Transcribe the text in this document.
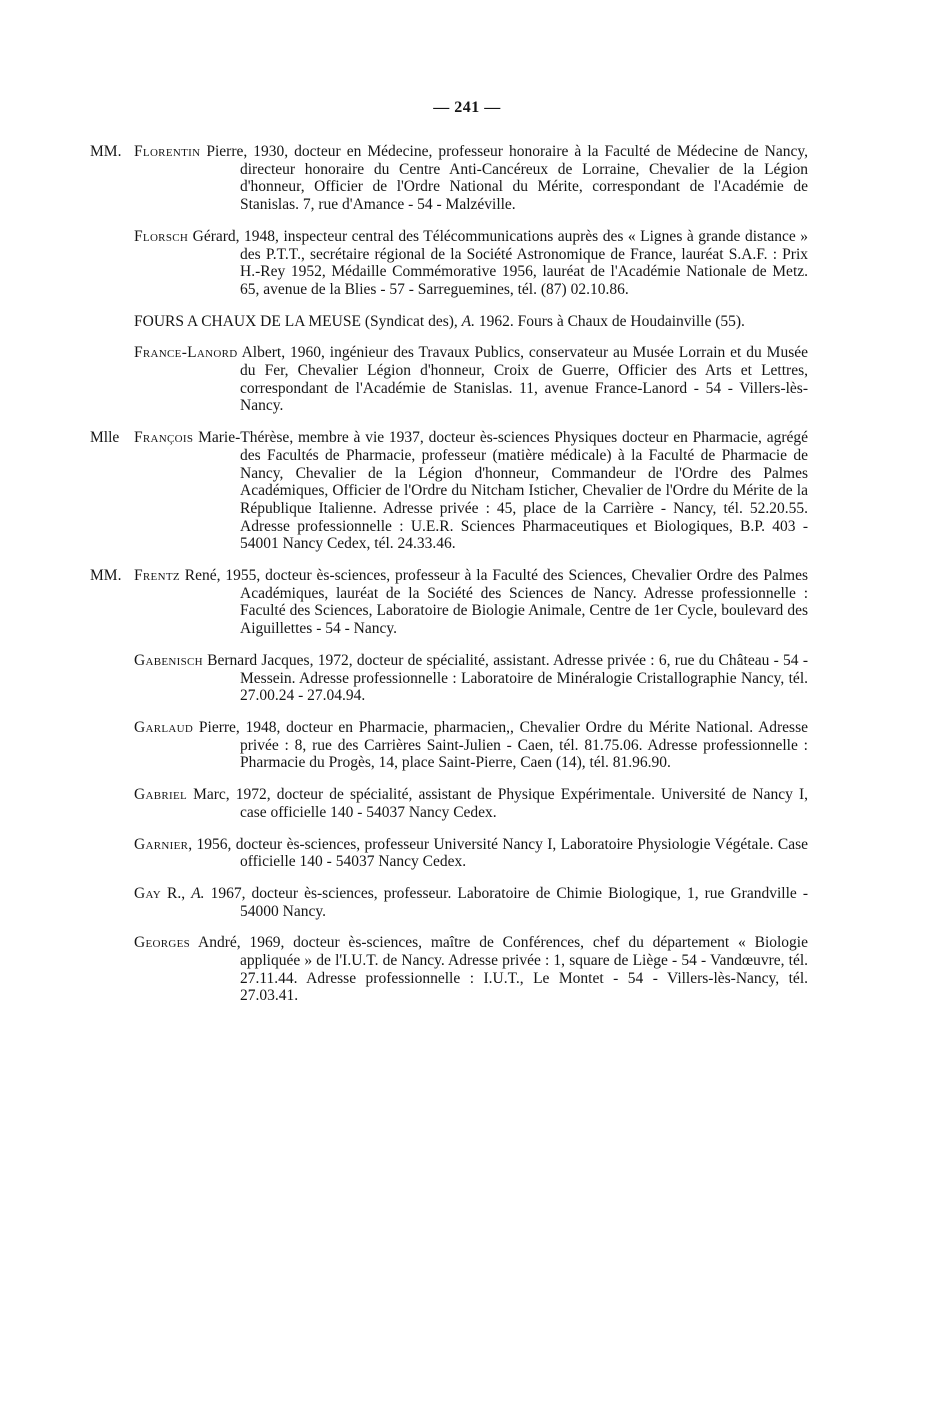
— 241 —
MM. Florentin Pierre, 1930, docteur en Médecine, professeur honoraire à la Faculté de Médecine de Nancy, directeur honoraire du Centre Anti-Cancéreux de Lorraine, Chevalier de la Légion d'honneur, Officier de l'Ordre National du Mérite, correspondant de l'Académie de Stanislas. 7, rue d'Amance - 54 - Malzéville.
Florsch Gérard, 1948, inspecteur central des Télécommunications auprès des « Lignes à grande distance » des P.T.T., secrétaire régional de la Société Astronomique de France, lauréat S.A.F. : Prix H.-Rey 1952, Médaille Commémorative 1956, lauréat de l'Académie Nationale de Metz. 65, avenue de la Blies - 57 - Sarreguemines, tél. (87) 02.10.86.
FOURS A CHAUX DE LA MEUSE (Syndicat des), A. 1962. Fours à Chaux de Houdainville (55).
France-Lanord Albert, 1960, ingénieur des Travaux Publics, conservateur au Musée Lorrain et du Musée du Fer, Chevalier Légion d'honneur, Croix de Guerre, Officier des Arts et Lettres, correspondant de l'Académie de Stanislas. 11, avenue France-Lanord - 54 - Villers-lès-Nancy.
Mlle François Marie-Thérèse, membre à vie 1937, docteur ès-sciences Physiques docteur en Pharmacie, agrégé des Facultés de Pharmacie, professeur (matière médicale) à la Faculté de Pharmacie de Nancy, Chevalier de la Légion d'honneur, Commandeur de l'Ordre des Palmes Académiques, Officier de l'Ordre du Nitcham Isticher, Chevalier de l'Ordre du Mérite de la République Italienne. Adresse privée : 45, place de la Carrière - Nancy, tél. 52.20.55. Adresse professionnelle : U.E.R. Sciences Pharmaceutiques et Biologiques, B.P. 403 - 54001 Nancy Cedex, tél. 24.33.46.
MM. Frentz René, 1955, docteur ès-sciences, professeur à la Faculté des Sciences, Chevalier Ordre des Palmes Académiques, lauréat de la Société des Sciences de Nancy. Adresse professionnelle : Faculté des Sciences, Laboratoire de Biologie Animale, Centre de 1er Cycle, boulevard des Aiguillettes - 54 - Nancy.
Gabenisch Bernard Jacques, 1972, docteur de spécialité, assistant. Adresse privée : 6, rue du Château - 54 - Messein. Adresse professionnelle : Laboratoire de Minéralogie Cristallographie Nancy, tél. 27.00.24 - 27.04.94.
Garlaud Pierre, 1948, docteur en Pharmacie, pharmacien,, Chevalier Ordre du Mérite National. Adresse privée : 8, rue des Carrières Saint-Julien - Caen, tél. 81.75.06. Adresse professionnelle : Pharmacie du Progès, 14, place Saint-Pierre, Caen (14), tél. 81.96.90.
Gabriel Marc, 1972, docteur de spécialité, assistant de Physique Expérimentale. Université de Nancy I, case officielle 140 - 54037 Nancy Cedex.
Garnier, 1956, docteur ès-sciences, professeur Université Nancy I, Laboratoire Physiologie Végétale. Case officielle 140 - 54037 Nancy Cedex.
Gay R., A. 1967, docteur ès-sciences, professeur. Laboratoire de Chimie Biologique, 1, rue Grandville - 54000 Nancy.
Georges André, 1969, docteur ès-sciences, maître de Conférences, chef du département « Biologie appliquée » de l'I.U.T. de Nancy. Adresse privée : 1, square de Liège - 54 - Vandœuvre, tél. 27.11.44. Adresse professionnelle : I.U.T., Le Montet - 54 - Villers-lès-Nancy, tél. 27.03.41.
